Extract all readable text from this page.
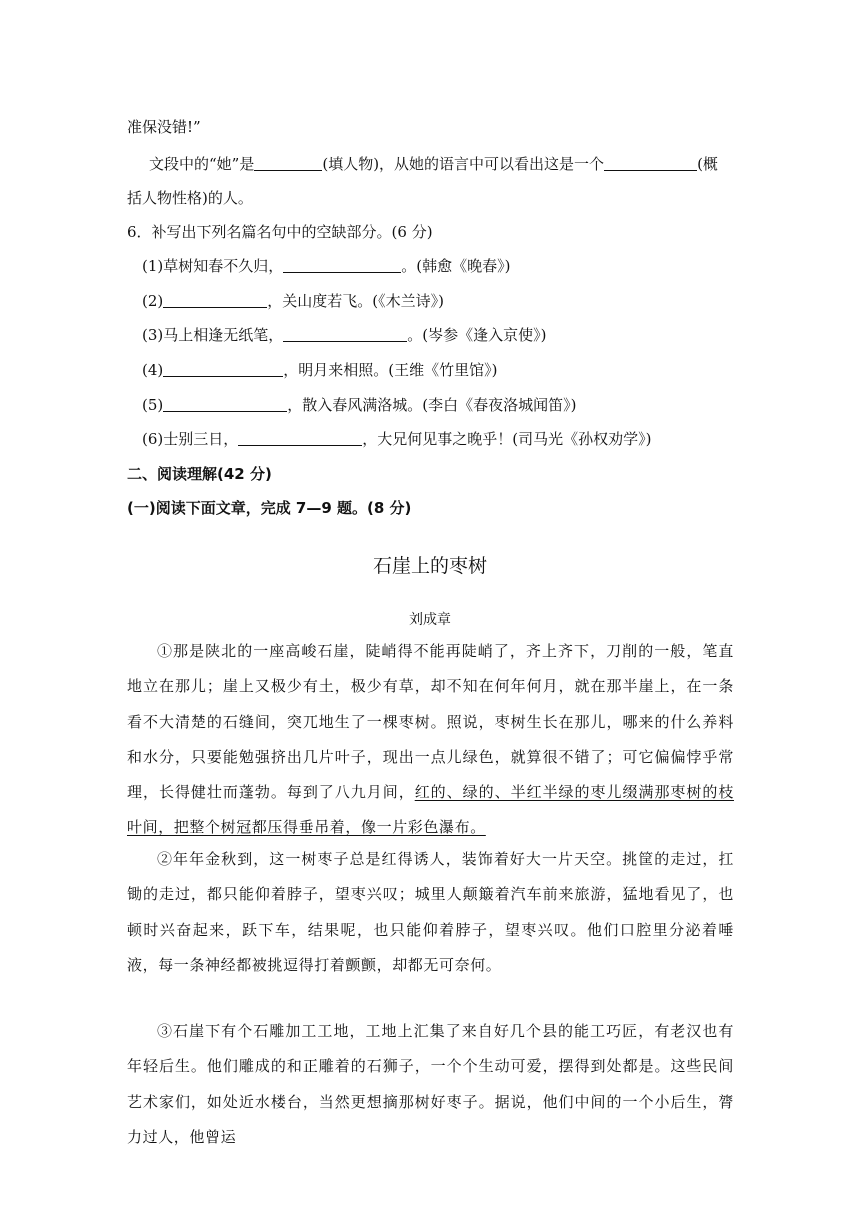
准保没错!”
文段中的“她”是	(填人物)，从她的语言中可以看出这是一个	(概
括人物性格)的人。
6．补写出下列名篇名句中的空缺部分。(6 分)
(1)草树知春不久归，	。(韩愈《晚春》)
(2)	，关山度若飞。(《木兰诗》)
(3)马上相逢无纸笔，	。(岑参《逢入京使》)
(4)	，明月来相照。(王维《竹里馆》)
(5)	，散入春风满洛城。(李白《春夜洛城闻笛》)
(6)士别三日，	，大兄何见事之晚乎！(司马光《孙权劝学》)
二、阅读理解(42 分)
(一)阅读下面文章，完成 7—9 题。(8 分)
石崖上的枣树
刘成章

①那是陕北的一座高峻石崖，陡峭得不能再陡峭了，齐上齐下，刀削的一般，笔直地立在那儿；崖上又极少有土，极少有草，却不知在何年何月，就在那半崖上，在一条看不大清楚的石缝间，突兀地生了一棵枣树。照说，枣树生长在那儿，哪来的什么养料和水分，只要能勉强挤出几片叶子，现出一点儿绿色，就算很不错了；可它偏偏悖乎常理，长得健壮而蓬勃。每到了八九月间，红的、绿的、半红半绿的枣儿缀满那枣树的枝叶间，把整个树冠都压得垂吊着，像一片彩色瀑布。

②年年金秋到，这一树枣子总是红得诱人，装饰着好大一片天空。挑筐的走过，扛锄的走过，都只能仰着脖子，望枣兴叹；城里人颠簸着汽车前来旅游，猛地看见了，也顿时兴奋起来，跃下车，结果呢，也只能仰着脖子，望枣兴叹。他们口腔里分泌着唾液，每一条神经都被挑逗得打着颤颤，却都无可奈何。

③石崖下有个石雕加工工地，工地上汇集了来自好几个县的能工巧匠，有老汉也有年轻后生。他们雕成的和正雕着的石狮子，一个个生动可爱，摆得到处都是。这些民间艺术家们，如处近水楼台，当然更想摘那树好枣子。据说，他们中间的一个小后生，膂力过人，他曾运
